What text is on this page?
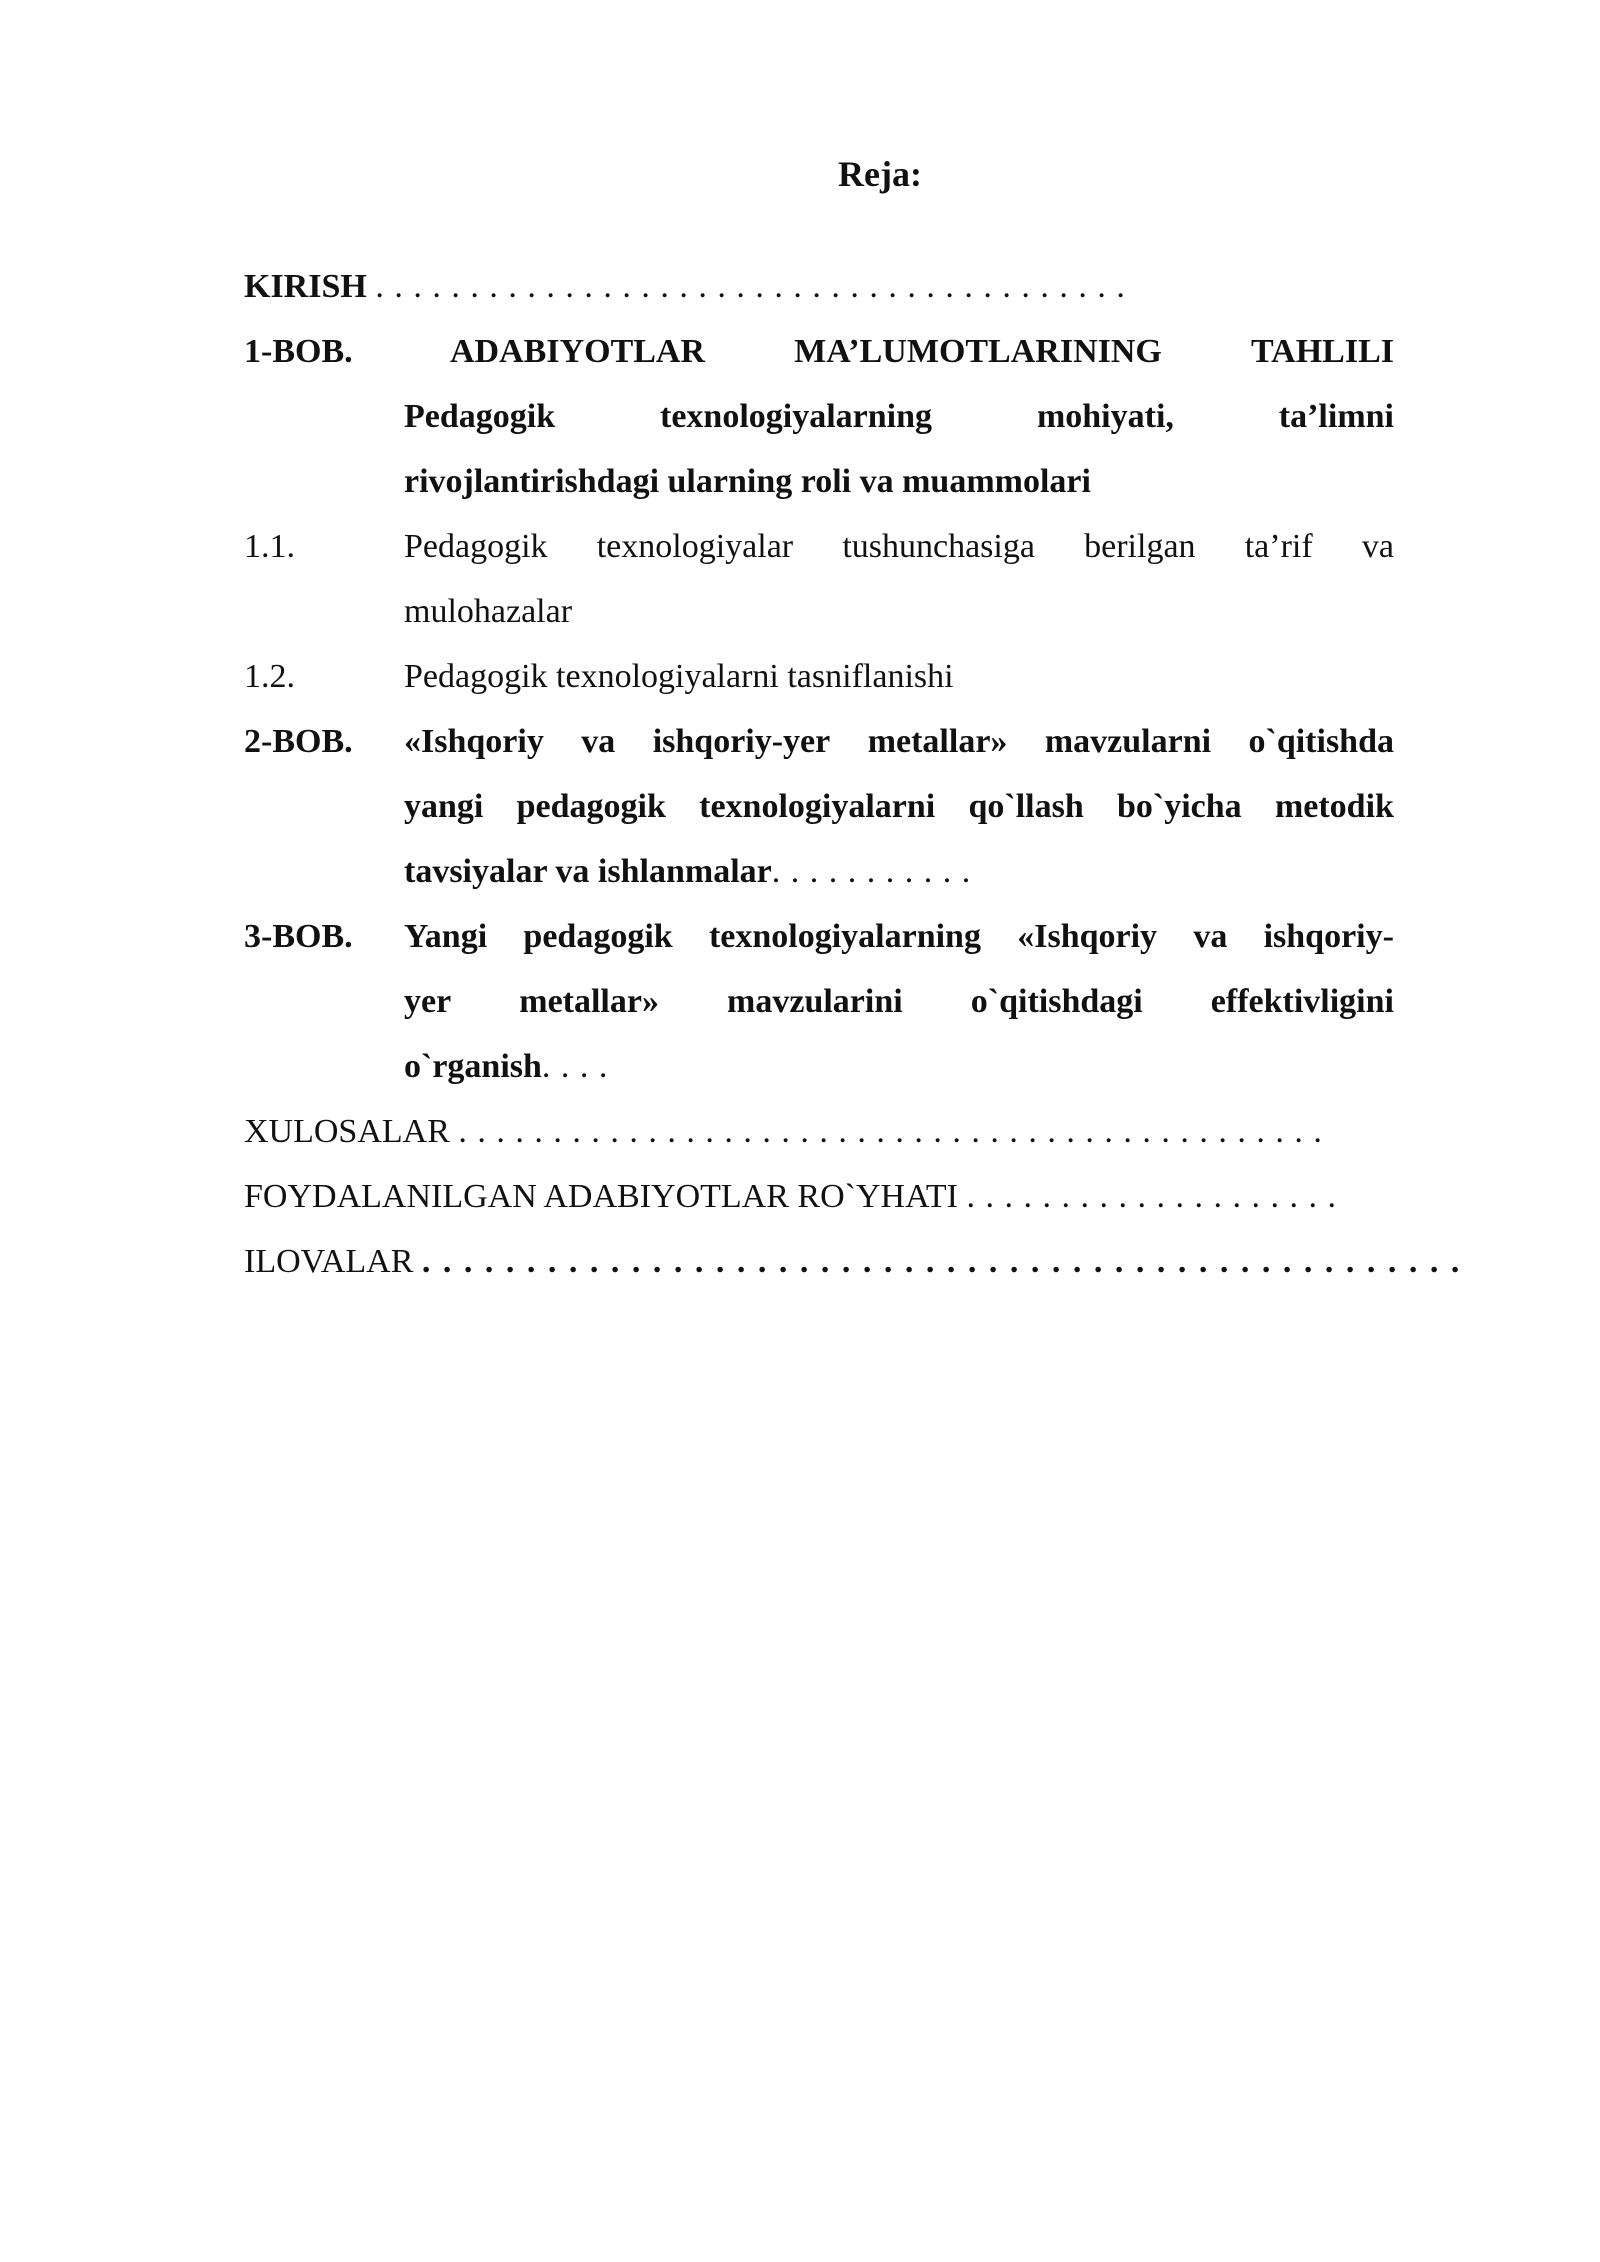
Reja:
KIRISH . . . . . . . . . . . . . . . . . . . . . . . . . . . . . . . . . . . . . . . .
1-BOB.	ADABIYOTLAR	MA’LUMOTLARINING	TAHLILI
Pedagogik	texnologiyalarning	mohiyati,	ta’limni
rivojlantirishdagi ularning roli va muammolari
1.1.	Pedagogik texnologiyalar tushunchasiga berilgan ta’rif va
mulohazalar
1.2.	Pedagogik texnologiyalarni tasniflanishi
2-BOB.	«Ishqoriy va ishqoriy-yer metallar» mavzularni o`qitishda
yangi pedagogik texnologiyalarni qo`llash bo`yicha metodik
tavsiyalar va ishlanmalar. . . . . . . . . . .
3-BOB.	Yangi pedagogik texnologiyalarning «Ishqoriy va ishqoriy-
yer metallar» mavzularini o`qitishdagi effektivligini
o`rganish. . . .
XULOSALAR . . . . . . . . . . . . . . . . . . . . . . . . . . . . . . . . . . . . . . . . . . . . . .
FOYDALANILGAN ADABIYOTLAR RO`YHATI . . . . . . . . . . . . . . . . . . . .
ILOVALAR . . . . . . . . . . . . . . . . . . . . . . . . . . . . . . . . . . . . . . . . . . . . . . . . . .
